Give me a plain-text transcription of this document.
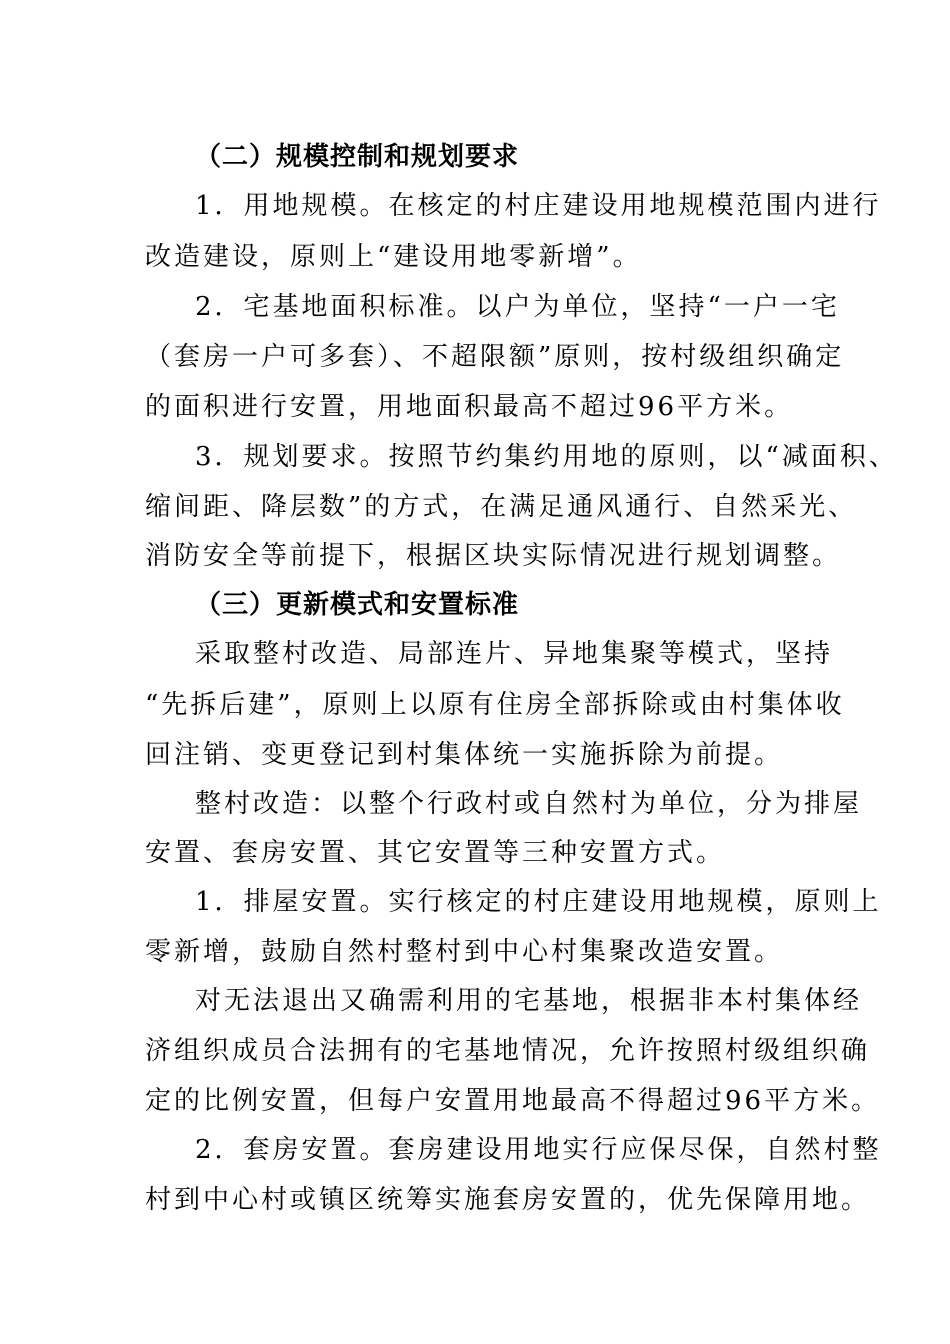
（二）规模控制和规划要求
1．用地规模。在核定的村庄建设用地规模范围内进行
改造建设，原则上“建设用地零新增”。
2．宅基地面积标准。以户为单位，坚持“一户一宅
（套房一户可多套）、不超限额”原则，按村级组织确定
的面积进行安置，用地面积最高不超过96平方米。
3．规划要求。按照节约集约用地的原则，以“减面积、
缩间距、降层数”的方式，在满足通风通行、自然采光、
消防安全等前提下，根据区块实际情况进行规划调整。
（三）更新模式和安置标准
采取整村改造、局部连片、异地集聚等模式，坚持
“先拆后建”，原则上以原有住房全部拆除或由村集体收
回注销、变更登记到村集体统一实施拆除为前提。
整村改造：以整个行政村或自然村为单位，分为排屋
安置、套房安置、其它安置等三种安置方式。
1．排屋安置。实行核定的村庄建设用地规模，原则上
零新增，鼓励自然村整村到中心村集聚改造安置。
对无法退出又确需利用的宅基地，根据非本村集体经
济组织成员合法拥有的宅基地情况，允许按照村级组织确
定的比例安置，但每户安置用地最高不得超过96平方米。
2．套房安置。套房建设用地实行应保尽保，自然村整
村到中心村或镇区统筹实施套房安置的，优先保障用地。
